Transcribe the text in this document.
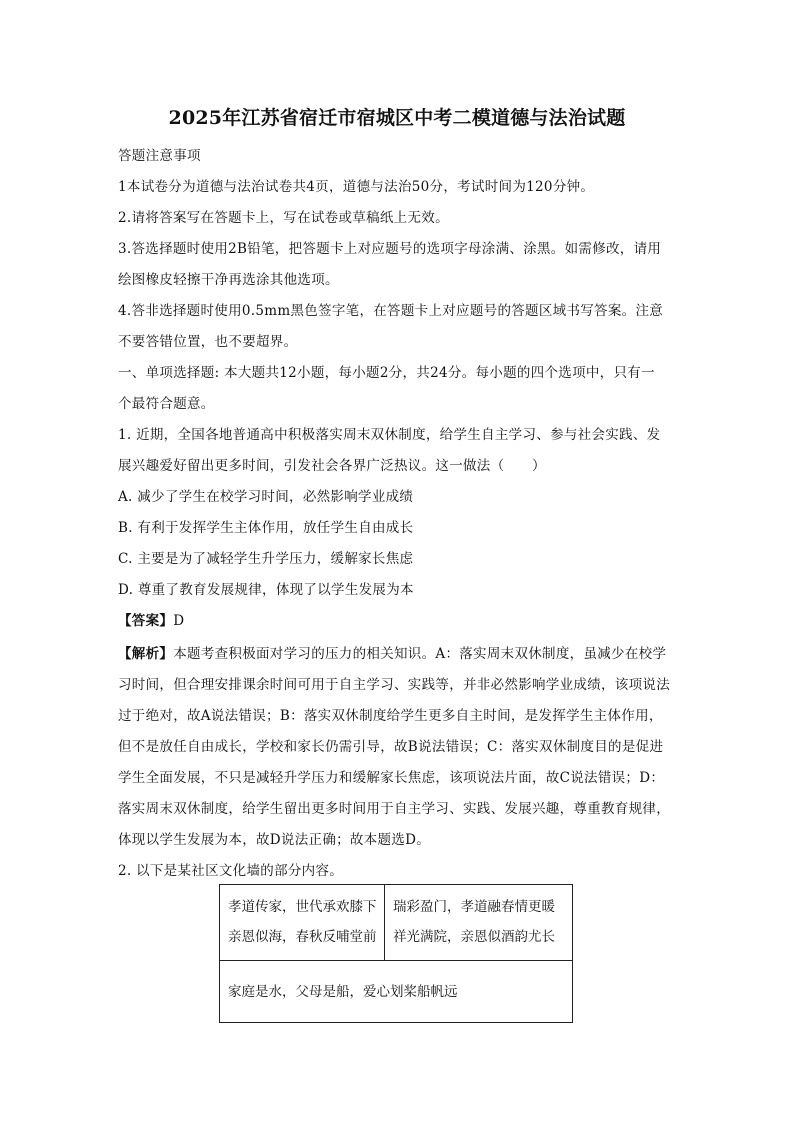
2025年江苏省宿迁市宿城区中考二模道德与法治试题
答题注意事项
1本试卷分为道德与法治试卷共4页，道德与法治50分，考试时间为120分钟。
2.请将答案写在答题卡上，写在试卷或草稿纸上无效。
3.答选择题时使用2B铅笔，把答题卡上对应题号的选项字母涂满、涂黑。如需修改，请用
绘图橡皮轻擦干净再选涂其他选项。
4.答非选择题时使用0.5mm黑色签字笔，在答题卡上对应题号的答题区域书写答案。注意
不要答错位置，也不要超界。
一、单项选择题: 本大题共12小题，每小题2分，共24分。每小题的四个选项中，只有一
个最符合题意。
1. 近期，全国各地普通高中积极落实周末双休制度，给学生自主学习、参与社会实践、发
展兴趣爱好留出更多时间，引发社会各界广泛热议。这一做法（　　）
A. 减少了学生在校学习时间，必然影响学业成绩
B. 有利于发挥学生主体作用，放任学生自由成长
C. 主要是为了减轻学生升学压力，缓解家长焦虑
D. 尊重了教育发展规律，体现了以学生发展为本
【答案】D
【解析】本题考查积极面对学习的压力的相关知识。A：落实周末双休制度，虽减少在校学
习时间，但合理安排课余时间可用于自主学习、实践等，并非必然影响学业成绩，该项说法
过于绝对，故A说法错误；B：落实双休制度给学生更多自主时间，是发挥学生主体作用，
但不是放任自由成长，学校和家长仍需引导，故B说法错误；C：落实双休制度目的是促进
学生全面发展，不只是减轻升学压力和缓解家长焦虑，该项说法片面，故C说法错误；D：
落实周末双休制度，给学生留出更多时间用于自主学习、实践、发展兴趣，尊重教育规律，
体现以学生发展为本，故D说法正确；故本题选D。
2. 以下是某社区文化墙的部分内容。
孝道传家，世代承欢膝下
亲恩似海，春秋反哺堂前
瑞彩盈门，孝道融春情更暖
祥光满院，亲恩似酒韵尤长
家庭是水，父母是船，爱心划桨船帆远
